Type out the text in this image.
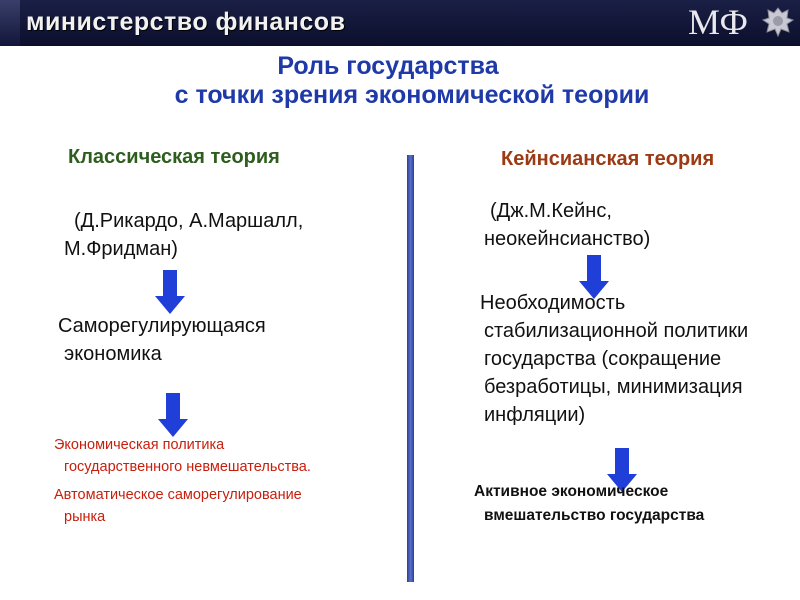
министерство финансов	МФ
Роль государства
с точки зрения экономической теории
Классическая теория
(Д.Рикардо, А.Маршалл,
М.Фридман)
Саморегулирующаяся
экономика
Экономическая политика
государственного невмешательства.
Автоматическое саморегулирование
рынка
Кейнсианская теория
(Дж.М.Кейнс,
неокейнсианство)
Необходимость
стабилизационной политики
государства (сокращение
безработицы, минимизация
инфляции)
Активное экономическое
вмешательство государства
